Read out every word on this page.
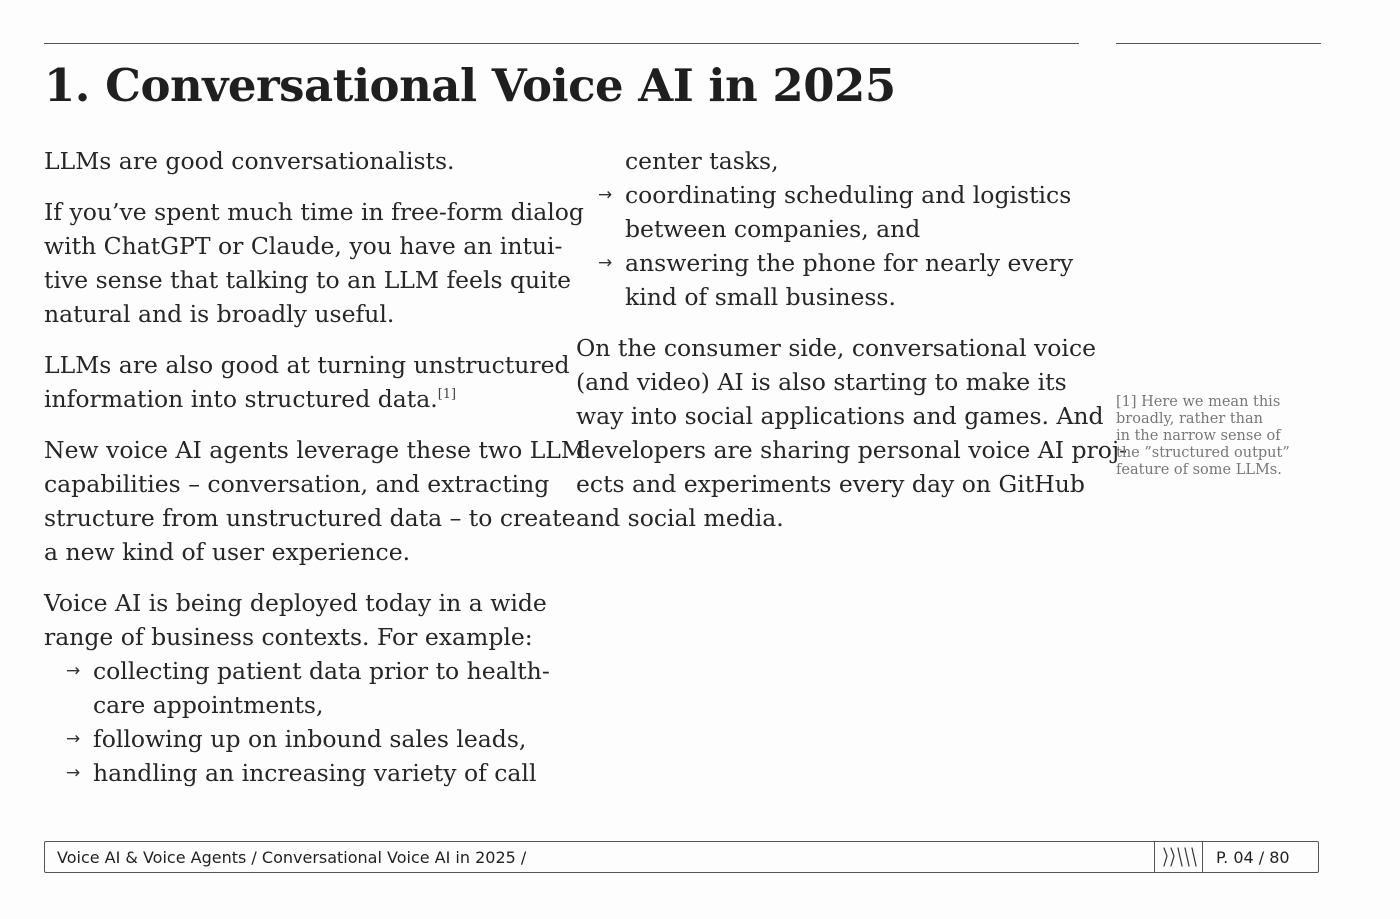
1. Conversational Voice AI in 2025

LLMs are good conversationalists.

If you’ve spent much time in free-form dialog
with ChatGPT or Claude, you have an intui-
tive sense that talking to an LLM feels quite
natural and is broadly useful.

LLMs are also good at turning unstructured
information into structured data.[1]

New voice AI agents leverage these two LLM
capabilities – conversation, and extracting
structure from unstructured data – to create
a new kind of user experience.

Voice AI is being deployed today in a wide
range of business contexts. For example:
→ collecting patient data prior to health-
care appointments,
→ following up on inbound sales leads,
→ handling an increasing variety of call
center tasks,
→ coordinating scheduling and logistics
between companies, and
→ answering the phone for nearly every
kind of small business.

On the consumer side, conversational voice
(and video) AI is also starting to make its
way into social applications and games. And
developers are sharing personal voice AI proj-
ects and experiments every day on GitHub
and social media.

[1] Here we mean this
broadly, rather than
in the narrow sense of
the ”structured output”
feature of some LLMs.
Voice AI & Voice Agents / Conversational Voice AI in 2025 /	P. 04 / 80
